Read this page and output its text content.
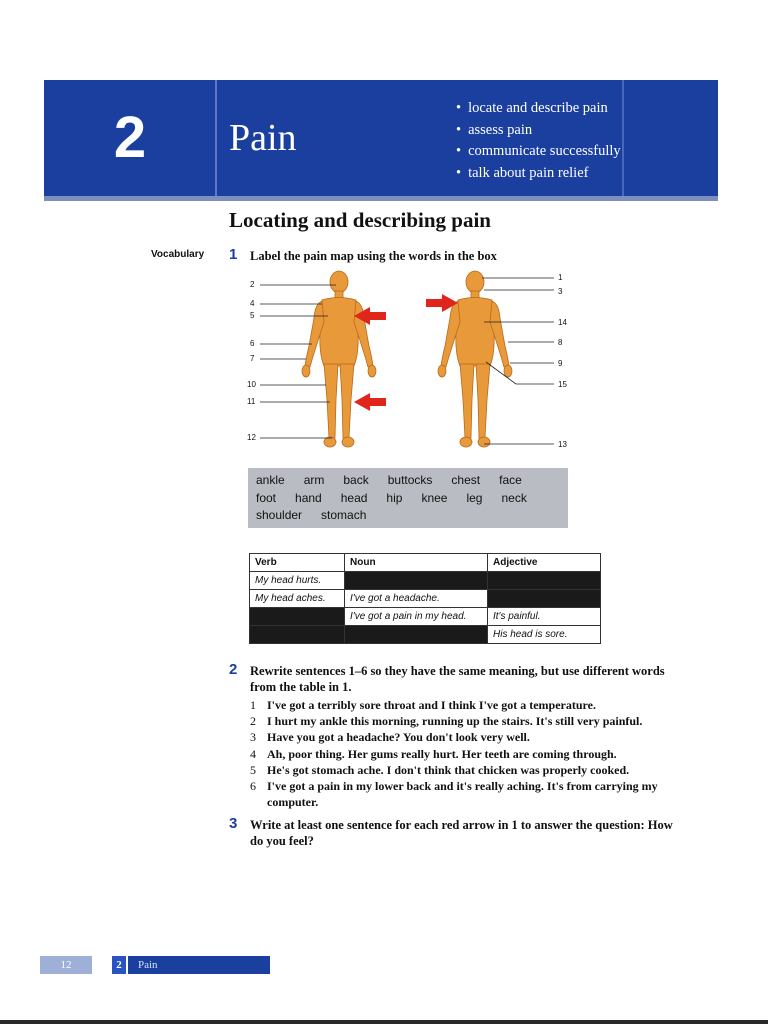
2	Pain
• locate and describe pain
• assess pain
• communicate successfully
• talk about pain relief
Locating and describing pain
Vocabulary 1 Label the pain map using the words in the box
2
4
5
6
7
10
11
12
1
3
14
8
9
15
13
ankle arm back buttocks chest face
foot hand head hip knee leg neck
shoulder stomach
Verb	Noun	Adjective
My head hurts.		
My head aches.	I've got a headache.	
	I've got a pain in my head.	It's painful.
		His head is sore.
2 Rewrite sentences 1–6 so they have the same meaning, but use different words
from the table in 1.
1 I've got a terribly sore throat and I think I've got a temperature.
2 I hurt my ankle this morning, running up the stairs. It's still very painful.
3 Have you got a headache? You don't look very well.
4 Ah, poor thing. Her gums really hurt. Her teeth are coming through.
5 He's got stomach ache. I don't think that chicken was properly cooked.
6 I've got a pain in my lower back and it's really aching. It's from carrying my
computer.
3 Write at least one sentence for each red arrow in 1 to answer the question: How
do you feel?
12	2	Pain
